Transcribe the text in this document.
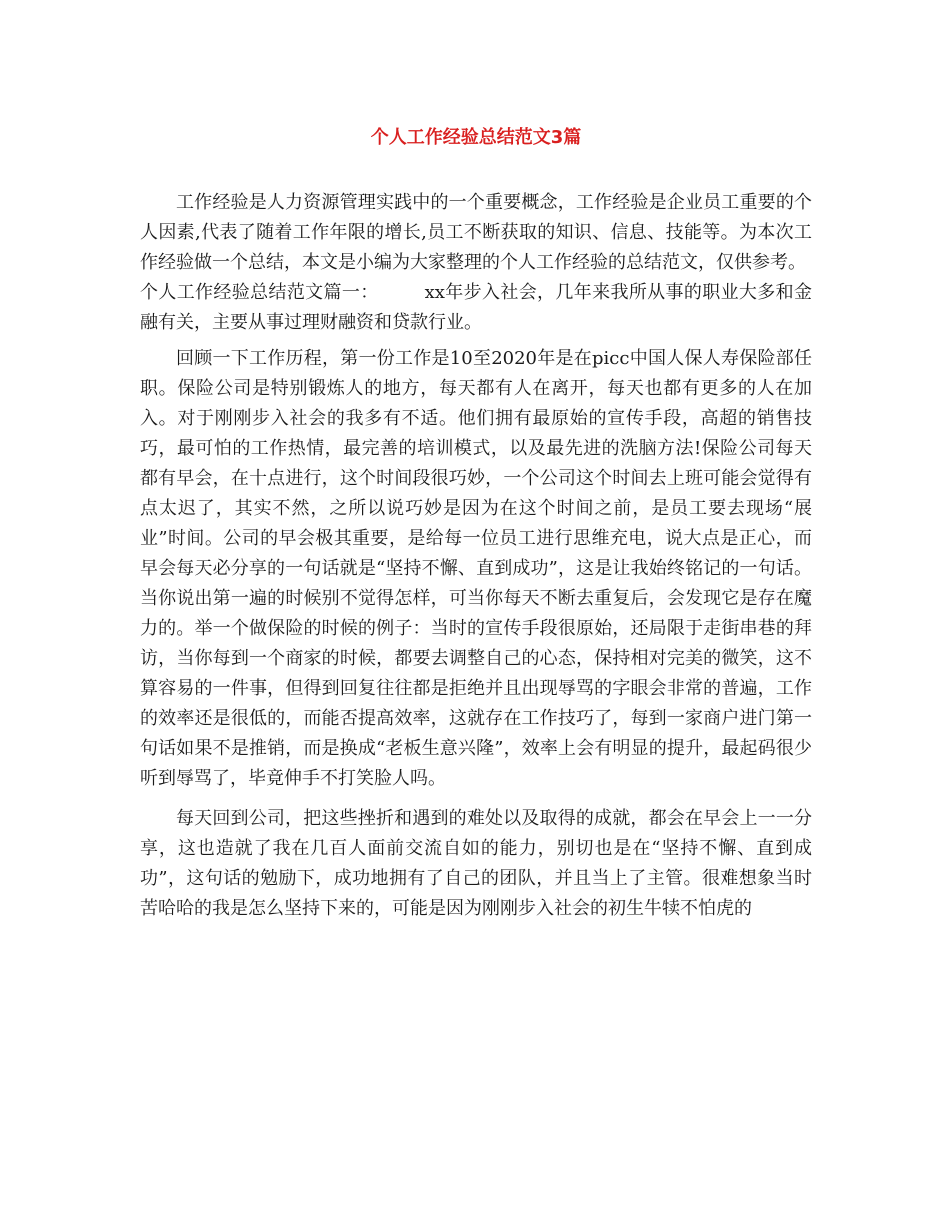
个人工作经验总结范文3篇

工作经验是人力资源管理实践中的一个重要概念，工作经验是企业员工重要的个人因素,代表了随着工作年限的增长,员工不断获取的知识、信息、技能等。为本次工作经验做一个总结，本文是小编为大家整理的个人工作经验的总结范文，仅供参考。

个人工作经验总结范文篇一：　　　xx年步入社会，几年来我所从事的职业大多和金融有关，主要从事过理财融资和贷款行业。

回顾一下工作历程，第一份工作是10至2020年是在picc中国人保人寿保险部任职。保险公司是特别锻炼人的地方，每天都有人在离开，每天也都有更多的人在加入。对于刚刚步入社会的我多有不适。他们拥有最原始的宣传手段，高超的销售技巧，最可怕的工作热情，最完善的培训模式，以及最先进的洗脑方法!保险公司每天都有早会，在十点进行，这个时间段很巧妙，一个公司这个时间去上班可能会觉得有点太迟了，其实不然，之所以说巧妙是因为在这个时间之前，是员工要去现场“展业”时间。公司的早会极其重要，是给每一位员工进行思维充电，说大点是正心，而早会每天必分享的一句话就是“坚持不懈、直到成功”，这是让我始终铭记的一句话。当你说出第一遍的时候别不觉得怎样，可当你每天不断去重复后，会发现它是存在魔力的。举一个做保险的时候的例子：当时的宣传手段很原始，还局限于走街串巷的拜访，当你每到一个商家的时候，都要去调整自己的心态，保持相对完美的微笑，这不算容易的一件事，但得到回复往往都是拒绝并且出现辱骂的字眼会非常的普遍，工作的效率还是很低的，而能否提高效率，这就存在工作技巧了，每到一家商户进门第一句话如果不是推销，而是换成“老板生意兴隆”，效率上会有明显的提升，最起码很少听到辱骂了，毕竟伸手不打笑脸人吗。

每天回到公司，把这些挫折和遇到的难处以及取得的成就，都会在早会上一一分享，这也造就了我在几百人面前交流自如的能力，别切也是在“坚持不懈、直到成功”，这句话的勉励下，成功地拥有了自己的团队，并且当上了主管。很难想象当时苦哈哈的我是怎么坚持下来的，可能是因为刚刚步入社会的初生牛犊不怕虎的
